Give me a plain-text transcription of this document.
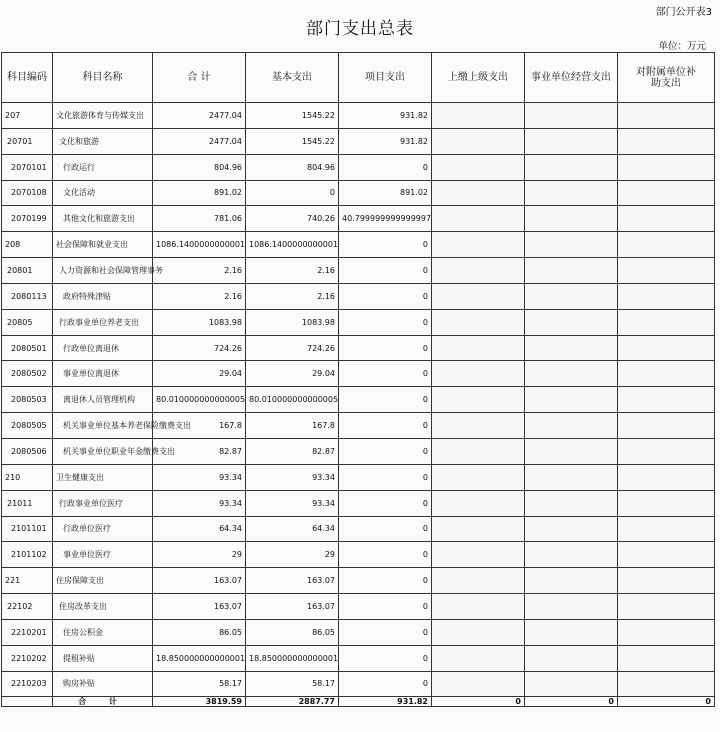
部门公开表3
部门支出总表
单位：万元
科目编码	科目名称	合 计	基本支出	项目支出	上缴上级支出	事业单位经营支出	对附属单位补助支出
207	文化旅游体育与传媒支出	2477.04	1545.22	931.82			
20701	文化和旅游	2477.04	1545.22	931.82			
2070101	行政运行	804.96	804.96	0			
2070108	文化活动	891.02	0	891.02			
2070199	其他文化和旅游支出	781.06	740.26	40.799999999999997			
208	社会保障和就业支出	1086.1400000000001	1086.1400000000001	0			
20801	人力资源和社会保障管理事务	2.16	2.16	0			
2080113	政府特殊津贴	2.16	2.16	0			
20805	行政事业单位养老支出	1083.98	1083.98	0			
2080501	行政单位离退休	724.26	724.26	0			
2080502	事业单位离退休	29.04	29.04	0			
2080503	离退休人员管理机构	80.010000000000005	80.010000000000005	0			
2080505	机关事业单位基本养老保险缴费支出	167.8	167.8	0			
2080506	机关事业单位职业年金缴费支出	82.87	82.87	0			
210	卫生健康支出	93.34	93.34	0			
21011	行政事业单位医疗	93.34	93.34	0			
2101101	行政单位医疗	64.34	64.34	0			
2101102	事业单位医疗	29	29	0			
221	住房保障支出	163.07	163.07	0			
22102	住房改革支出	163.07	163.07	0			
2210201	住房公积金	86.05	86.05	0			
2210202	提租补贴	18.850000000000001	18.850000000000001	0			
2210203	购房补贴	58.17	58.17	0			
	合 计	3819.59	2887.77	931.82	0	0	0
